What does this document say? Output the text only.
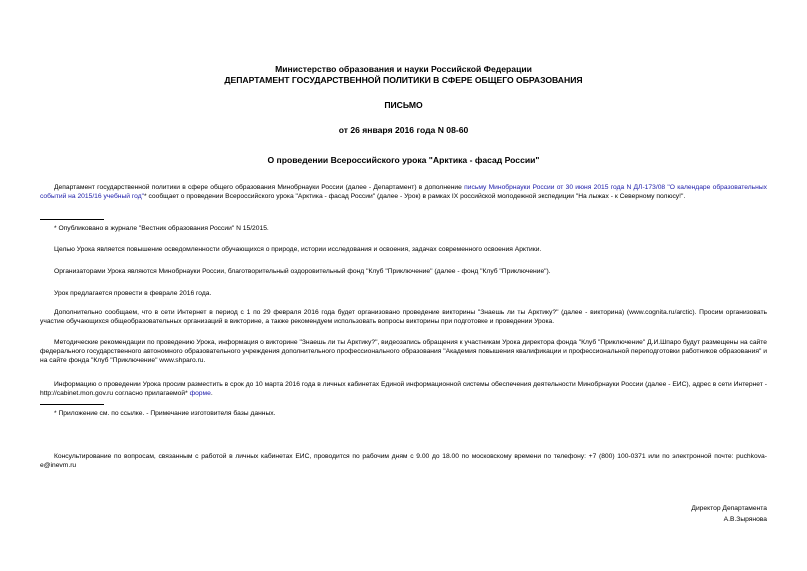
Министерство образования и науки Российской Федерации
ДЕПАРТАМЕНТ ГОСУДАРСТВЕННОЙ ПОЛИТИКИ В СФЕРЕ ОБЩЕГО ОБРАЗОВАНИЯ
ПИСЬМО
от 26 января 2016 года N 08-60
О проведении Всероссийского урока "Арктика - фасад России"
Департамент государственной политики в сфере общего образования Минобрнауки России (далее - Департамент) в дополнение письму Минобрнауки России от 30 июня 2015 года N ДЛ-173/08 "О календаре образовательных событий на 2015/16 учебный год"* сообщает о проведении Всероссийского урока "Арктика - фасад России" (далее - Урок) в рамках IX российской молодежной экспедиции "На лыжах - к Северному полюсу!".
* Опубликовано в журнале "Вестник образования России" N 15/2015.
Целью Урока является повышение осведомленности обучающихся о природе, истории исследования и освоения, задачах современного освоения Арктики.
Организаторами Урока являются Минобрнауки России, благотворительный оздоровительный фонд "Клуб "Приключение" (далее - фонд "Клуб "Приключение").
Урок предлагается провести в феврале 2016 года.
Дополнительно сообщаем, что в сети Интернет в период с 1 по 29 февраля 2016 года будет организовано проведение викторины "Знаешь ли ты Арктику?" (далее - викторина) (www.cognita.ru/arctic). Просим организовать участие обучающихся общеобразовательных организаций в викторине, а также рекомендуем использовать вопросы викторины при подготовке и проведении Урока.
Методические рекомендации по проведению Урока, информация о викторине "Знаешь ли ты Арктику?", видеозапись обращения к участникам Урока директора фонда "Клуб "Приключение" Д.И.Шпаро будут размещены на сайте федерального государственного автономного образовательного учреждения дополнительного профессионального образования "Академия повышения квалификации и профессиональной переподготовки работников образования" и на сайте фонда "Клуб "Приключение" www.shparo.ru.
Информацию о проведении Урока просим разместить в срок до 10 марта 2016 года в личных кабинетах Единой информационной системы обеспечения деятельности Минобрнауки России (далее - ЕИС), адрес в сети Интернет - http://cabinet.mon.gov.ru согласно прилагаемой* форме.
* Приложение см. по ссылке. - Примечание изготовителя базы данных.
Консультирование по вопросам, связанным с работой в личных кабинетах ЕИС, проводится по рабочим дням с 9.00 до 18.00 по московскому времени по телефону: +7 (800) 100-0371 или по электронной почте: puchkova-e@inevm.ru
Директор Департамента
А.В.Зырянова
